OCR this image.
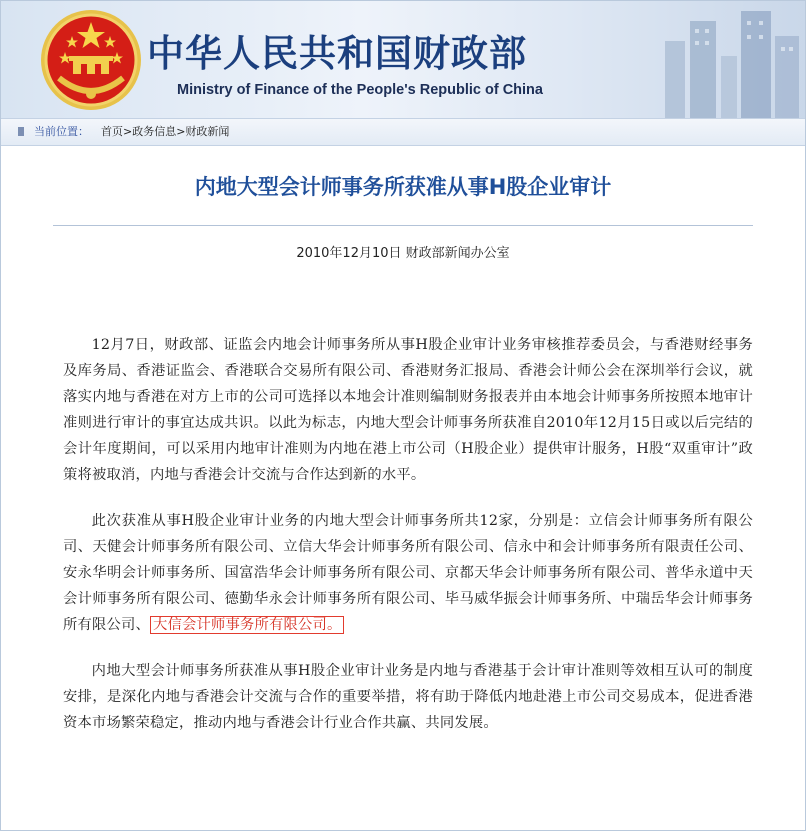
中华人民共和国财政部
Ministry of Finance of the People's Republic of China
当前位置： 首页>政务信息>财政新闻
内地大型会计师事务所获准从事H股企业审计
2010年12月10日 财政部新闻办公室

12月7日，财政部、证监会内地会计师事务所从事H股企业审计业务审核推荐委员会，与香港财经事务及库务局、香港证监会、香港联合交易所有限公司、香港财务汇报局、香港会计师公会在深圳举行会议，就落实内地与香港在对方上市的公司可选择以本地会计准则编制财务报表并由本地会计师事务所按照本地审计准则进行审计的事宜达成共识。以此为标志，内地大型会计师事务所获准自2010年12月15日或以后完结的会计年度期间，可以采用内地审计准则为内地在港上市公司（H股企业）提供审计服务，H股“双重审计”政策将被取消，内地与香港会计交流与合作达到新的水平。

此次获准从事H股企业审计业务的内地大型会计师事务所共12家，分别是：立信会计师事务所有限公司、天健会计师事务所有限公司、立信大华会计师事务所有限公司、信永中和会计师事务所有限责任公司、安永华明会计师事务所、国富浩华会计师事务所有限公司、京都天华会计师事务所有限公司、普华永道中天会计师事务所有限公司、德勤华永会计师事务所有限公司、毕马威华振会计师事务所、中瑞岳华会计师事务所有限公司、 大信会计师事务所有限公司。

内地大型会计师事务所获准从事H股企业审计业务是内地与香港基于会计审计准则等效相互认可的制度安排，是深化内地与香港会计交流与合作的重要举措，将有助于降低内地赴港上市公司交易成本，促进香港资本市场繁荣稳定，推动内地与香港会计行业合作共赢、共同发展。
